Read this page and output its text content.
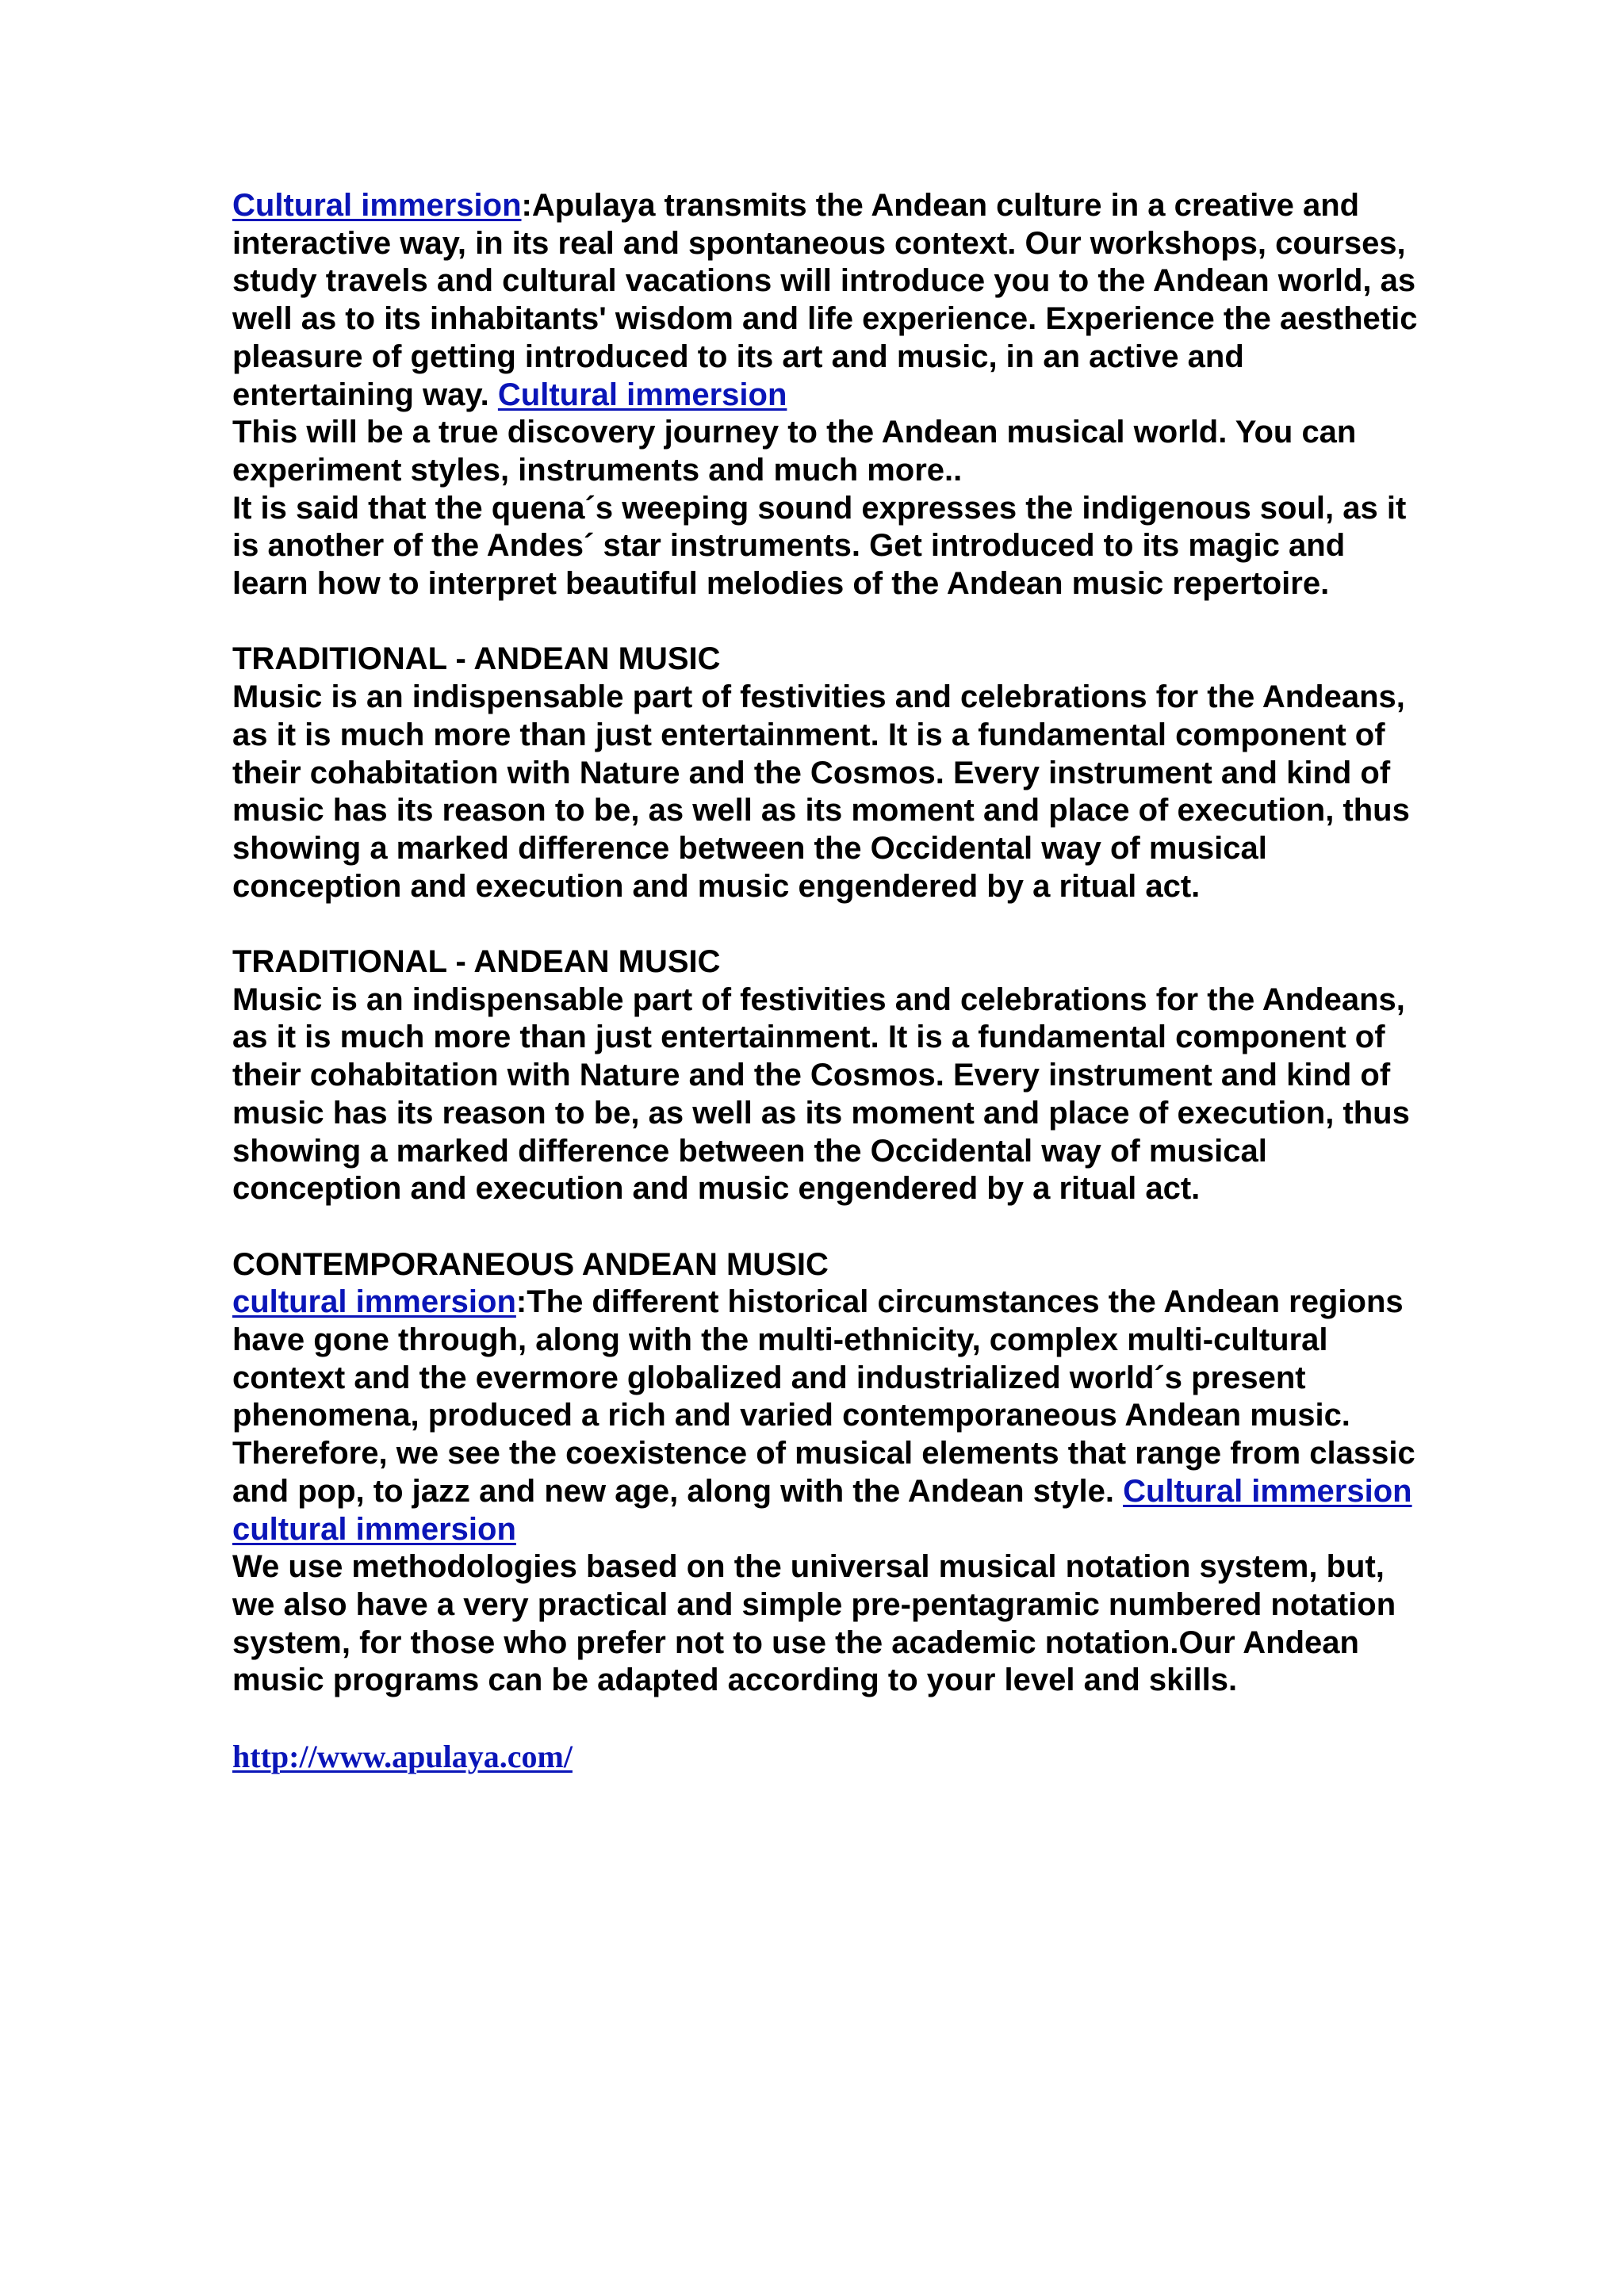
Cultural immersion:Apulaya transmits the Andean culture in a creative and interactive way, in its real and spontaneous context. Our workshops, courses, study travels and cultural vacations will introduce you to the Andean world, as well as to its inhabitants' wisdom and life experience. Experience the aesthetic pleasure of getting introduced to its art and music, in an active and entertaining way. Cultural immersion

This will be a true discovery journey to the Andean musical world. You can experiment styles, instruments and much more..

It is said that the quena´s weeping sound expresses the indigenous soul, as it is another of the Andes´ star instruments. Get introduced to its magic and learn how to interpret beautiful melodies of the Andean music repertoire.

TRADITIONAL - ANDEAN MUSIC
Music is an indispensable part of festivities and celebrations for the Andeans, as it is much more than just entertainment. It is a fundamental component of their cohabitation with Nature and the Cosmos. Every instrument and kind of music has its reason to be, as well as its moment and place of execution, thus showing a marked difference between the Occidental way of musical conception and execution and music engendered by a ritual act.

TRADITIONAL - ANDEAN MUSIC
Music is an indispensable part of festivities and celebrations for the Andeans, as it is much more than just entertainment. It is a fundamental component of their cohabitation with Nature and the Cosmos. Every instrument and kind of music has its reason to be, as well as its moment and place of execution, thus showing a marked difference between the Occidental way of musical conception and execution and music engendered by a ritual act.

CONTEMPORANEOUS ANDEAN MUSIC
cultural immersion:The different historical circumstances the Andean regions have gone through, along with the multi-ethnicity, complex multi-cultural context and the evermore globalized and industrialized world´s present phenomena, produced a rich and varied contemporaneous Andean music. Therefore, we see the coexistence of musical elements that range from classic and pop, to jazz and new age, along with the Andean style. Cultural immersion

cultural immersion

We use methodologies based on the universal musical notation system, but, we also have a very practical and simple pre-pentagramic numbered notation system, for those who prefer not to use the academic notation.Our Andean music programs can be adapted according to your level and skills.

http://www.apulaya.com/
